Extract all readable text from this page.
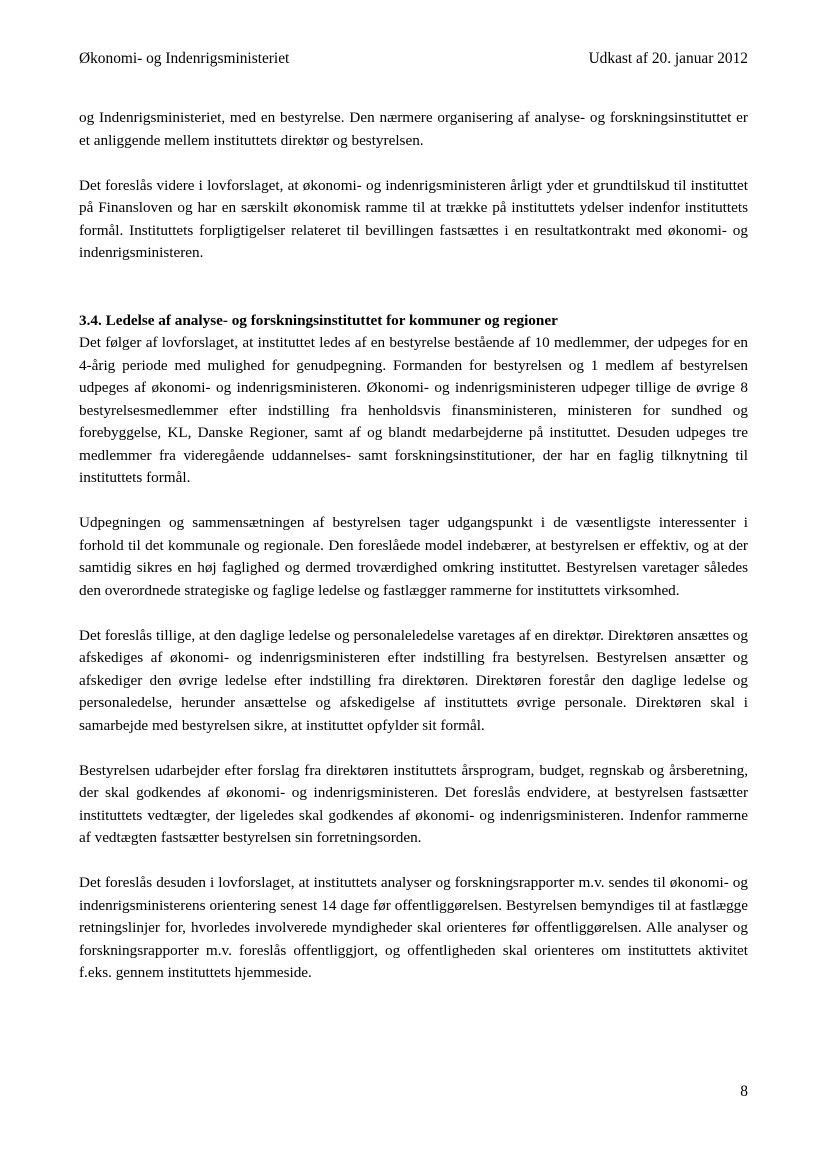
Økonomi- og Indenrigsministeriet	Udkast af 20. januar 2012

og Indenrigsministeriet, med en bestyrelse. Den nærmere organisering af analyse- og forskningsinstituttet er et anliggende mellem instituttets direktør og bestyrelsen.

Det foreslås videre i lovforslaget, at økonomi- og indenrigsministeren årligt yder et grundtilskud til instituttet på Finansloven og har en særskilt økonomisk ramme til at trække på instituttets ydelser indenfor instituttets formål. Instituttets forpligtigelser relateret til bevillingen fastsættes i en resultatkontrakt med økonomi- og indenrigsministeren.

3.4. Ledelse af analyse- og forskningsinstituttet for kommuner og regioner

Det følger af lovforslaget, at instituttet ledes af en bestyrelse bestående af 10 medlemmer, der udpeges for en 4-årig periode med mulighed for genudpegning. Formanden for bestyrelsen og 1 medlem af bestyrelsen udpeges af økonomi- og indenrigsministeren. Økonomi- og indenrigsministeren udpeger tillige de øvrige 8 bestyrelsesmedlemmer efter indstilling fra henholdsvis finansministeren, ministeren for sundhed og forebyggelse, KL, Danske Regioner, samt af og blandt medarbejderne på instituttet. Desuden udpeges tre medlemmer fra videregående uddannelses- samt forskningsinstitutioner, der har en faglig tilknytning til instituttets formål.

Udpegningen og sammensætningen af bestyrelsen tager udgangspunkt i de væsentligste interessenter i forhold til det kommunale og regionale. Den foreslåede model indebærer, at bestyrelsen er effektiv, og at der samtidig sikres en høj faglighed og dermed troværdighed omkring instituttet. Bestyrelsen varetager således den overordnede strategiske og faglige ledelse og fastlægger rammerne for instituttets virksomhed.

Det foreslås tillige, at den daglige ledelse og personaleledelse varetages af en direktør. Direktøren ansættes og afskediges af økonomi- og indenrigsministeren efter indstilling fra bestyrelsen. Bestyrelsen ansætter og afskediger den øvrige ledelse efter indstilling fra direktøren. Direktøren forestår den daglige ledelse og personaledelse, herunder ansættelse og afskedigelse af instituttets øvrige personale. Direktøren skal i samarbejde med bestyrelsen sikre, at instituttet opfylder sit formål.

Bestyrelsen udarbejder efter forslag fra direktøren instituttets årsprogram, budget, regnskab og årsberetning, der skal godkendes af økonomi- og indenrigsministeren. Det foreslås endvidere, at bestyrelsen fastsætter instituttets vedtægter, der ligeledes skal godkendes af økonomi- og indenrigsministeren. Indenfor rammerne af vedtægten fastsætter bestyrelsen sin forretningsorden.

Det foreslås desuden i lovforslaget, at instituttets analyser og forskningsrapporter m.v. sendes til økonomi- og indenrigsministerens orientering senest 14 dage før offentliggørelsen. Bestyrelsen bemyndiges til at fastlægge retningslinjer for, hvorledes involverede myndigheder skal orienteres før offentliggørelsen. Alle analyser og forskningsrapporter m.v. foreslås offentliggjort, og offentligheden skal orienteres om instituttets aktivitet f.eks. gennem instituttets hjemmeside.

8
